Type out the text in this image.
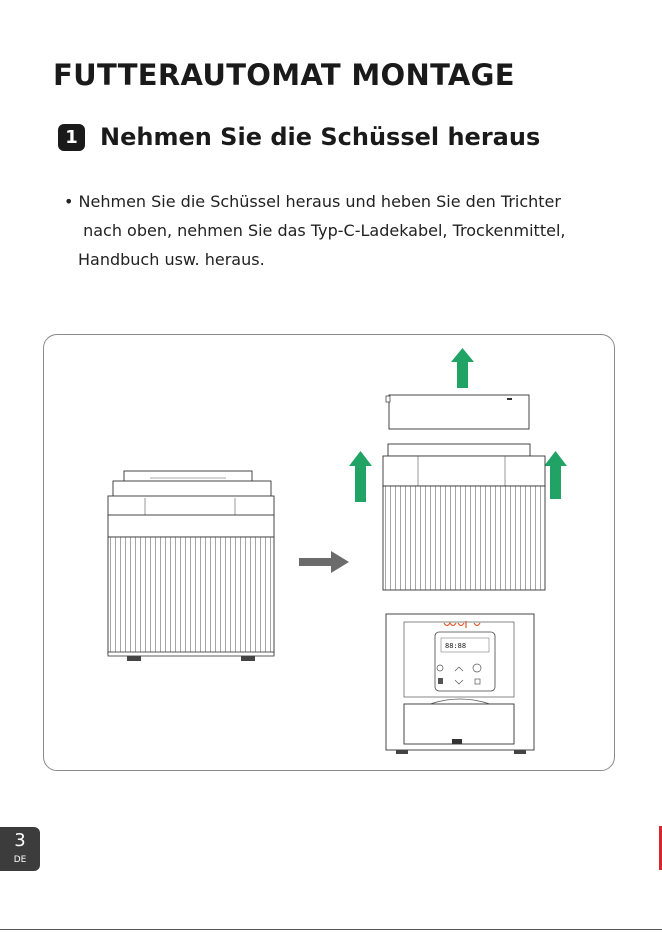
FUTTERAUTOMAT MONTAGE
1 Nehmen Sie die Schüssel heraus
• Nehmen Sie die Schüssel heraus und heben Sie den Trichter
nach oben, nehmen Sie das Typ-C-Ladekabel, Trockenmittel,
Handbuch usw. heraus.
88:88
3
DE
